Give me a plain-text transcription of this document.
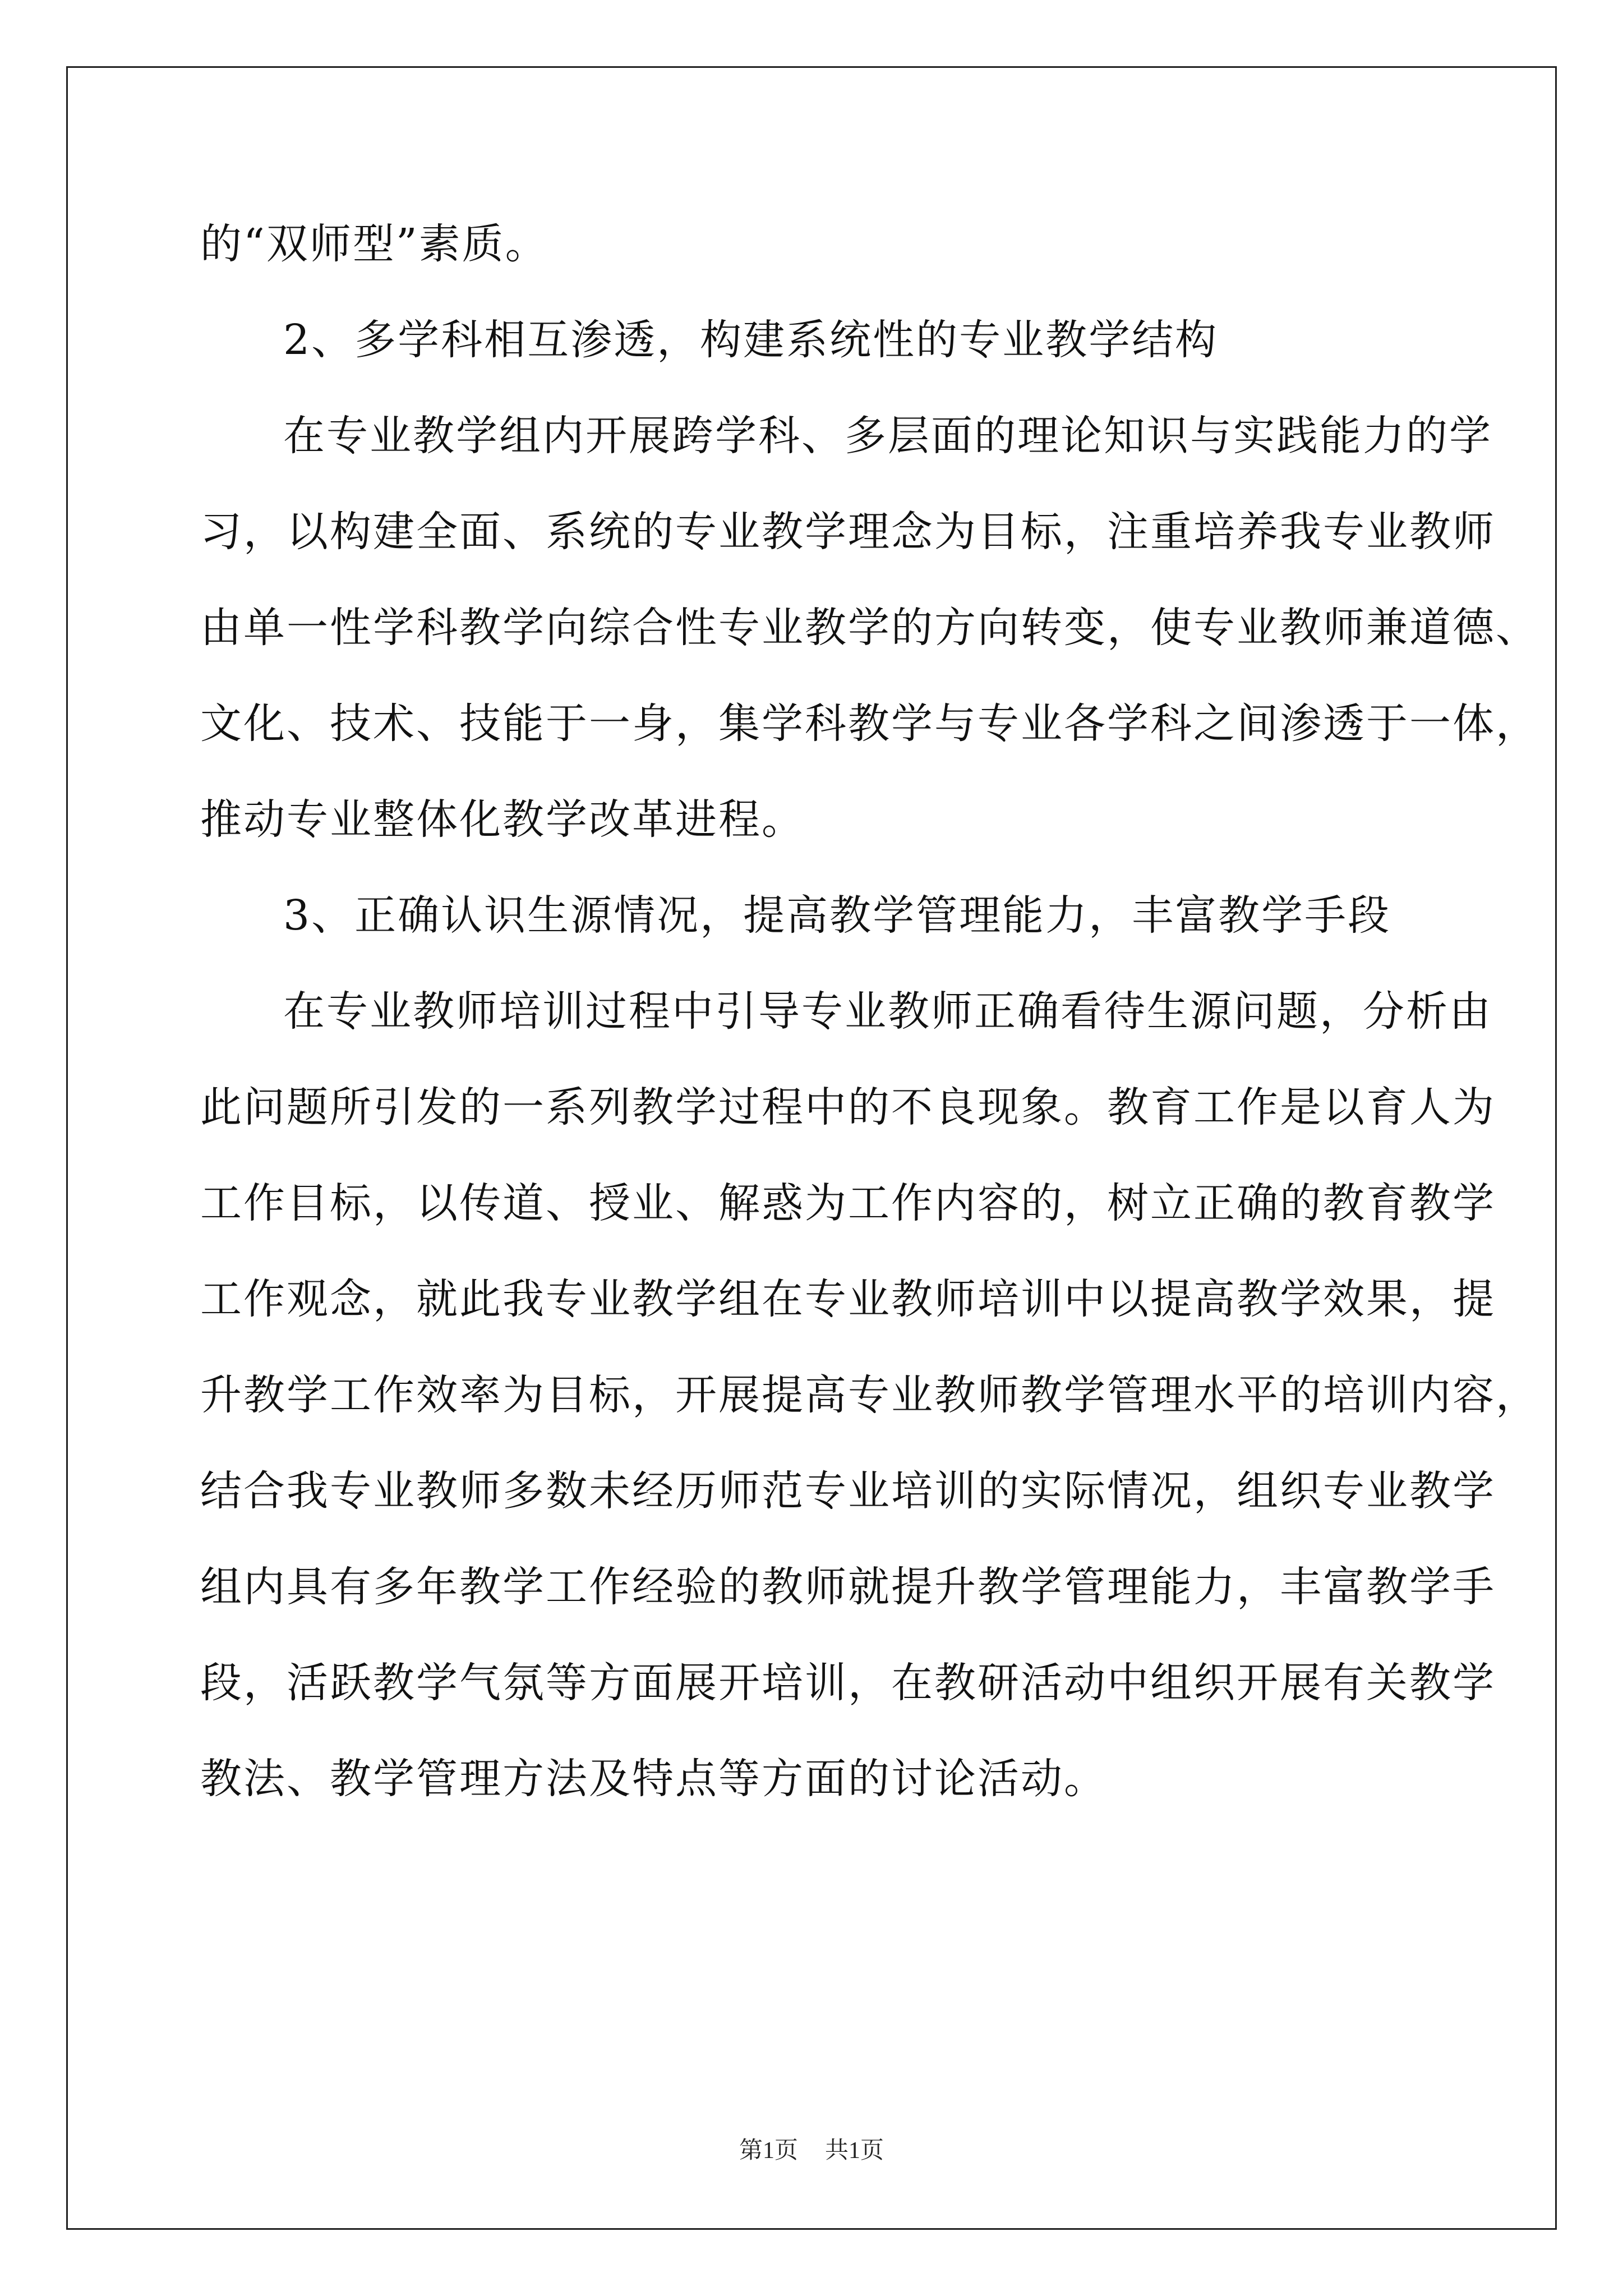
的“双师型”素质。
2、多学科相互渗透，构建系统性的专业教学结构
在专业教学组内开展跨学科、多层面的理论知识与实践能力的学
习，以构建全面、系统的专业教学理念为目标，注重培养我专业教师
由单一性学科教学向综合性专业教学的方向转变，使专业教师兼道德、
文化、技术、技能于一身，集学科教学与专业各学科之间渗透于一体，
推动专业整体化教学改革进程。
3、正确认识生源情况，提高教学管理能力，丰富教学手段
在专业教师培训过程中引导专业教师正确看待生源问题，分析由
此问题所引发的一系列教学过程中的不良现象。教育工作是以育人为
工作目标，以传道、授业、解惑为工作内容的，树立正确的教育教学
工作观念，就此我专业教学组在专业教师培训中以提高教学效果，提
升教学工作效率为目标，开展提高专业教师教学管理水平的培训内容，
结合我专业教师多数未经历师范专业培训的实际情况，组织专业教学
组内具有多年教学工作经验的教师就提升教学管理能力，丰富教学手
段，活跃教学气氛等方面展开培训，在教研活动中组织开展有关教学
教法、教学管理方法及特点等方面的讨论活动。
第1页 共1页
